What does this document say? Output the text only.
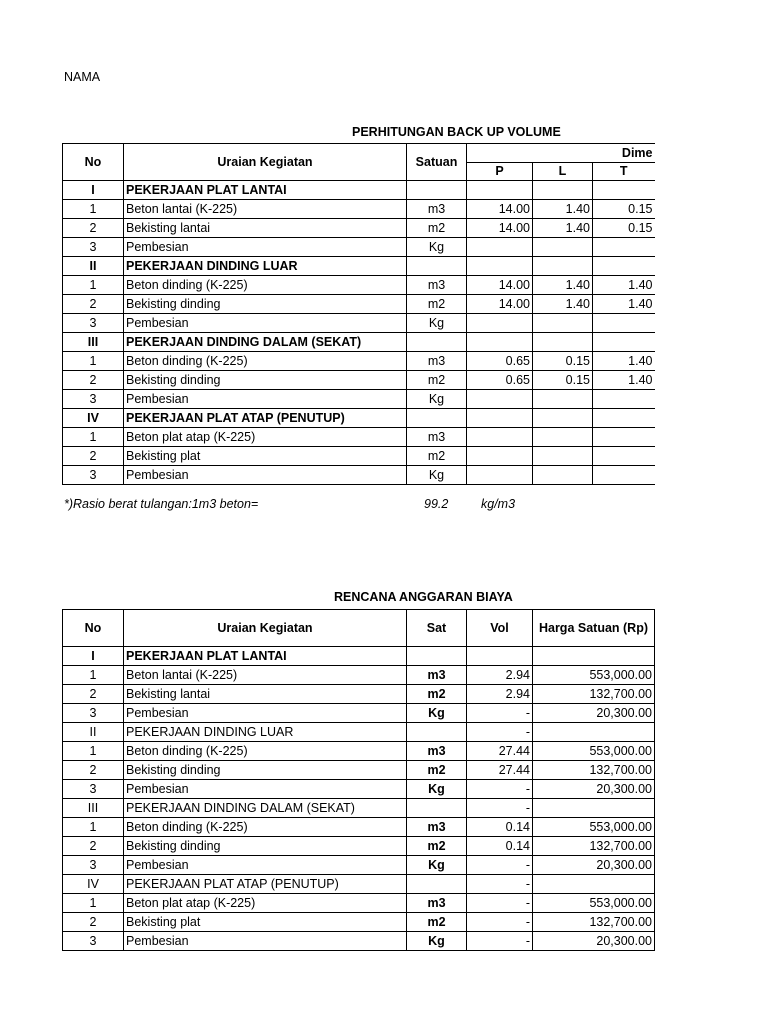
NAMA
PERHITUNGAN BACK UP VOLUME
No	Uraian Kegiatan	Satuan	Dime		
			P	L	T
I	PEKERJAAN PLAT LANTAI				
1	Beton lantai (K-225)	m3	14.00	1.40	0.15
2	Bekisting lantai	m2	14.00	1.40	0.15
3	Pembesian	Kg			
II	PEKERJAAN DINDING LUAR				
1	Beton dinding (K-225)	m3	14.00	1.40	1.40
2	Bekisting dinding	m2	14.00	1.40	1.40
3	Pembesian	Kg			
III	PEKERJAAN DINDING DALAM (SEKAT)				
1	Beton dinding (K-225)	m3	0.65	0.15	1.40
2	Bekisting dinding	m2	0.65	0.15	1.40
3	Pembesian	Kg			
IV	PEKERJAAN PLAT ATAP (PENUTUP)				
1	Beton plat atap (K-225)	m3			
2	Bekisting plat	m2			
3	Pembesian	Kg			
*)Rasio berat tulangan:1m3 beton=	99.2	kg/m3
RENCANA ANGGARAN BIAYA
No	Uraian Kegiatan	Sat	Vol	Harga Satuan (Rp)
I	PEKERJAAN PLAT LANTAI			
1	Beton lantai (K-225)	m3	2.94	553,000.00
2	Bekisting lantai	m2	2.94	132,700.00
3	Pembesian	Kg	-	20,300.00
II	PEKERJAAN DINDING LUAR		-	
1	Beton dinding (K-225)	m3	27.44	553,000.00
2	Bekisting dinding	m2	27.44	132,700.00
3	Pembesian	Kg	-	20,300.00
III	PEKERJAAN DINDING DALAM (SEKAT)		-	
1	Beton dinding (K-225)	m3	0.14	553,000.00
2	Bekisting dinding	m2	0.14	132,700.00
3	Pembesian	Kg	-	20,300.00
IV	PEKERJAAN PLAT ATAP (PENUTUP)		-	
1	Beton plat atap (K-225)	m3	-	553,000.00
2	Bekisting plat	m2	-	132,700.00
3	Pembesian	Kg	-	20,300.00
